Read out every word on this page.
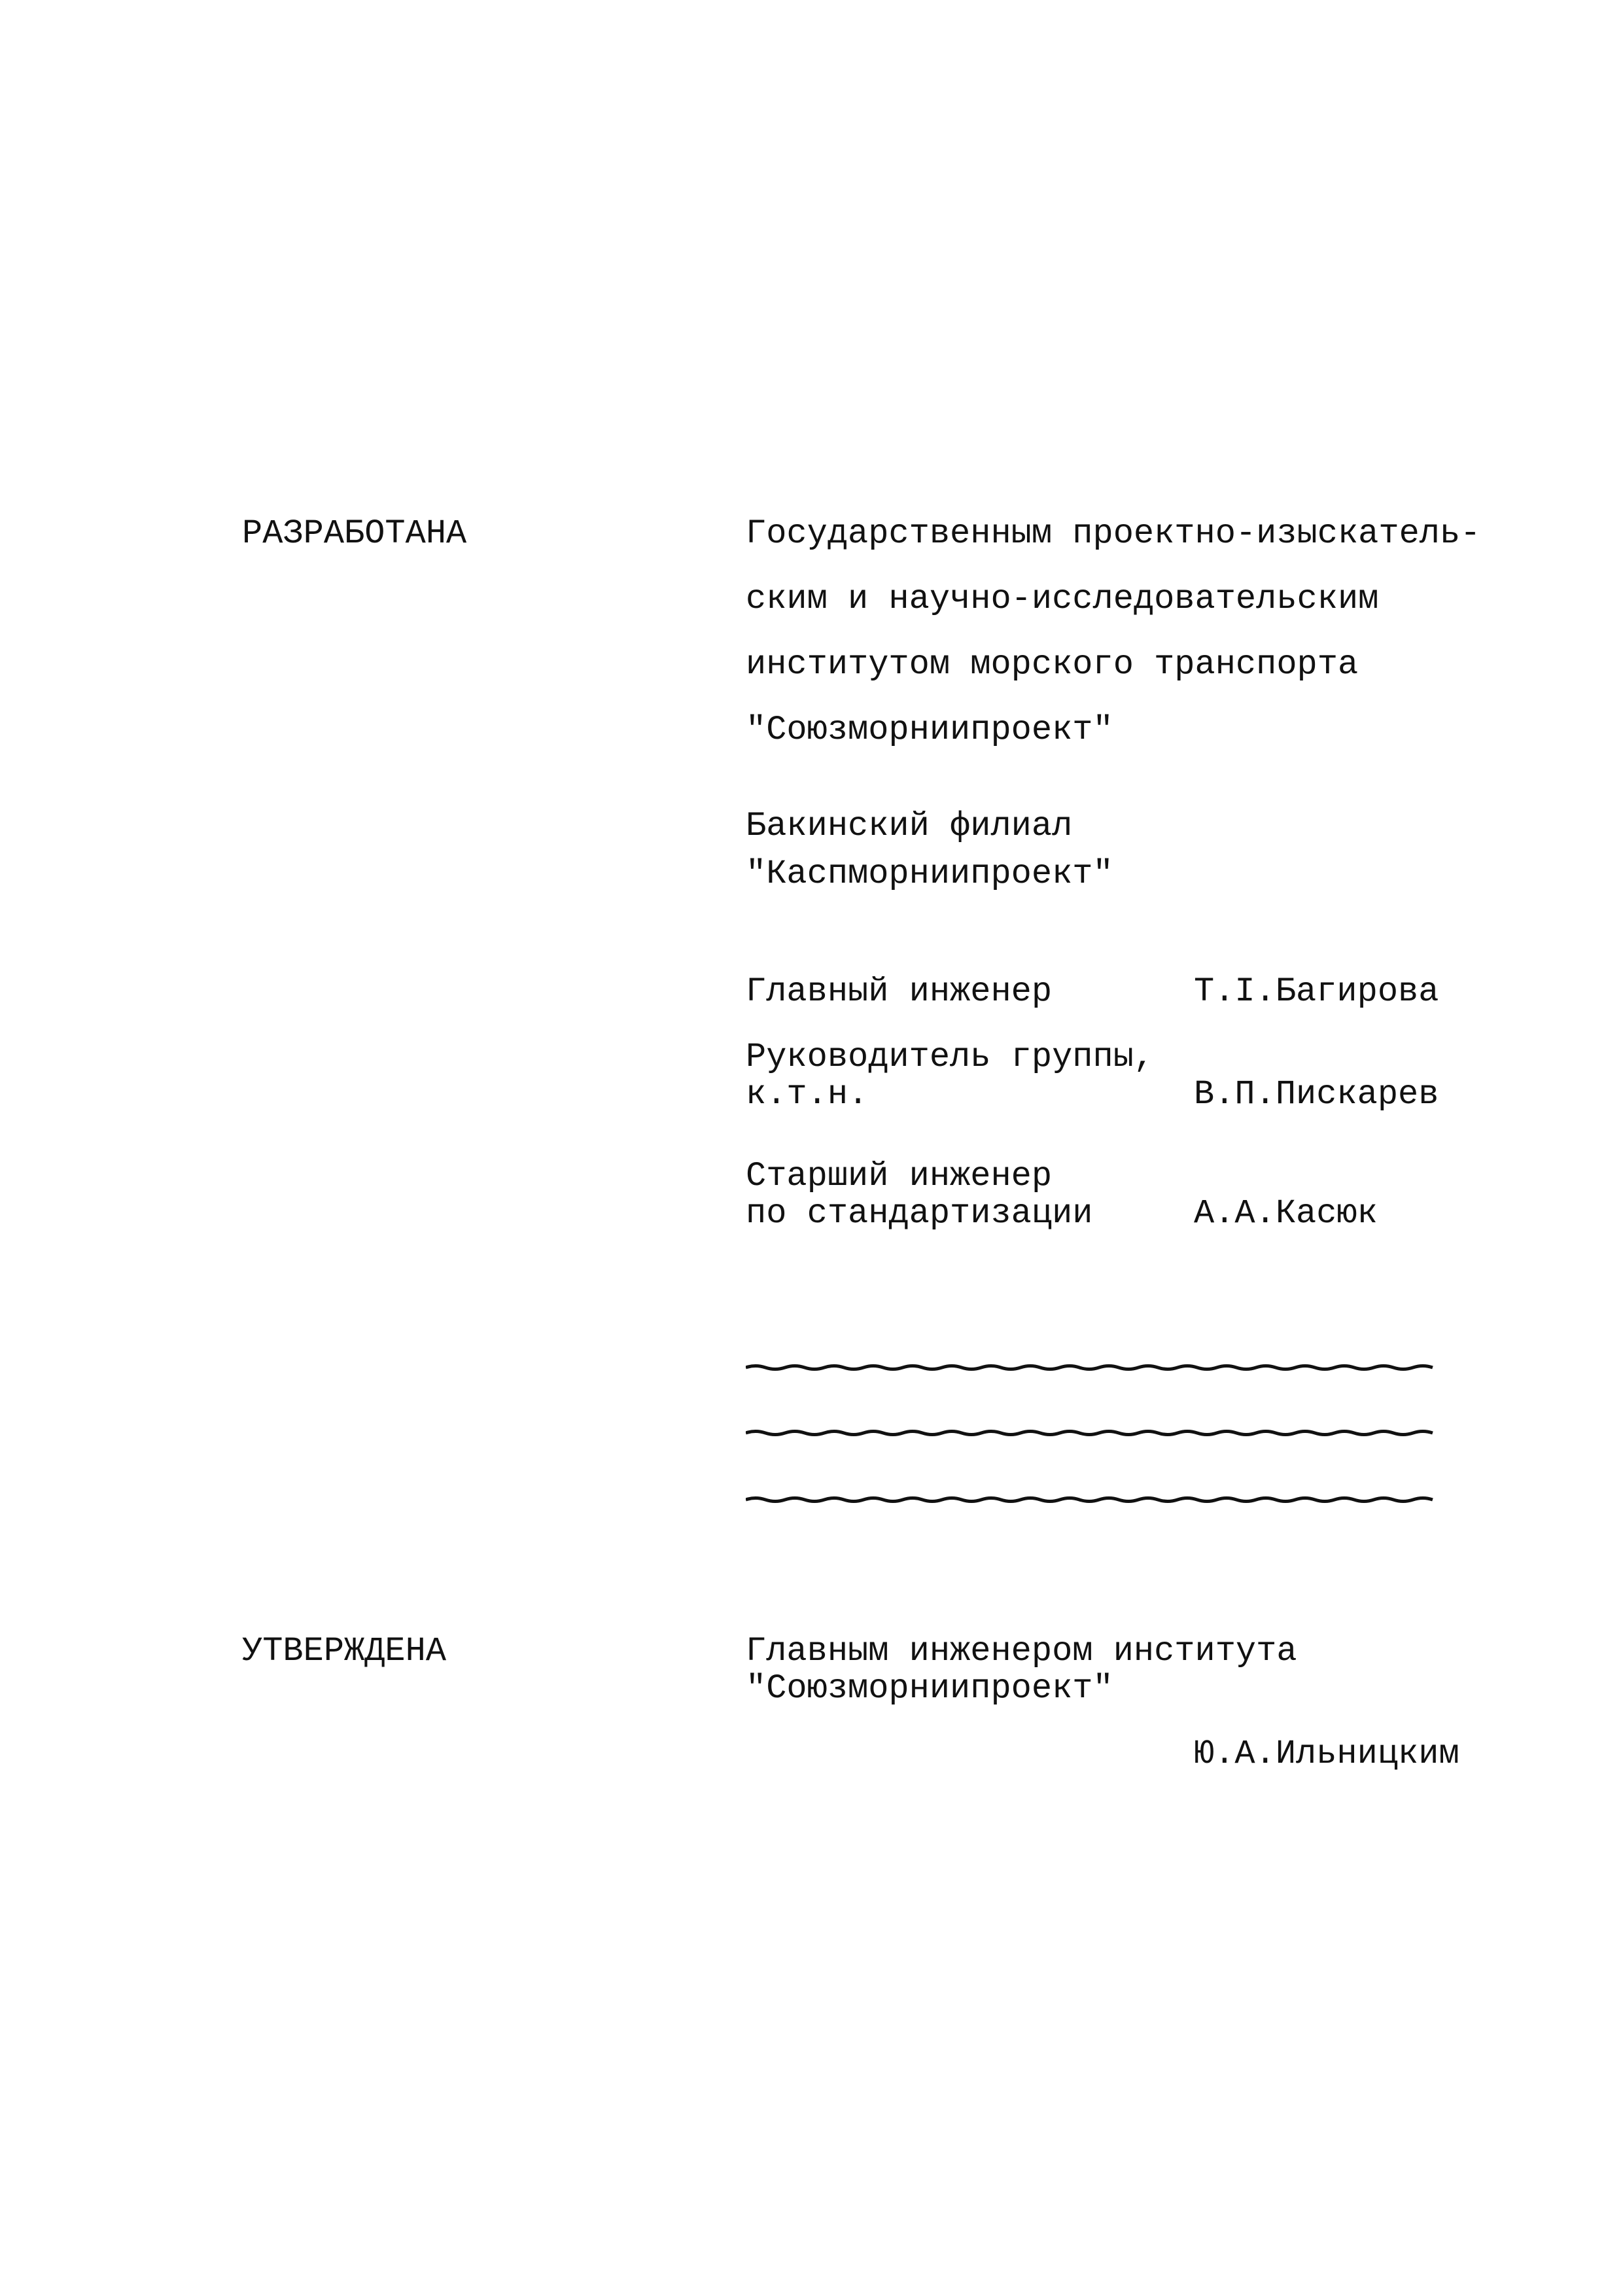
РАЗРАБОТАНА	Государственным проектно-изыскатель-
ским и научно-исследовательским
институтом морского транспорта
"Союзморниипроект"
Бакинский филиал
"Каспморниипроект"
Главный инженер	Т.I.Багирова
Руководитель группы,
к.т.н.	В.П.Пискарев
Старший инженер
по стандартизации	А.А.Касюк
УТВЕРЖДЕНА	Главным инженером института
"Союзморниипроект"
Ю.А.Ильницким
